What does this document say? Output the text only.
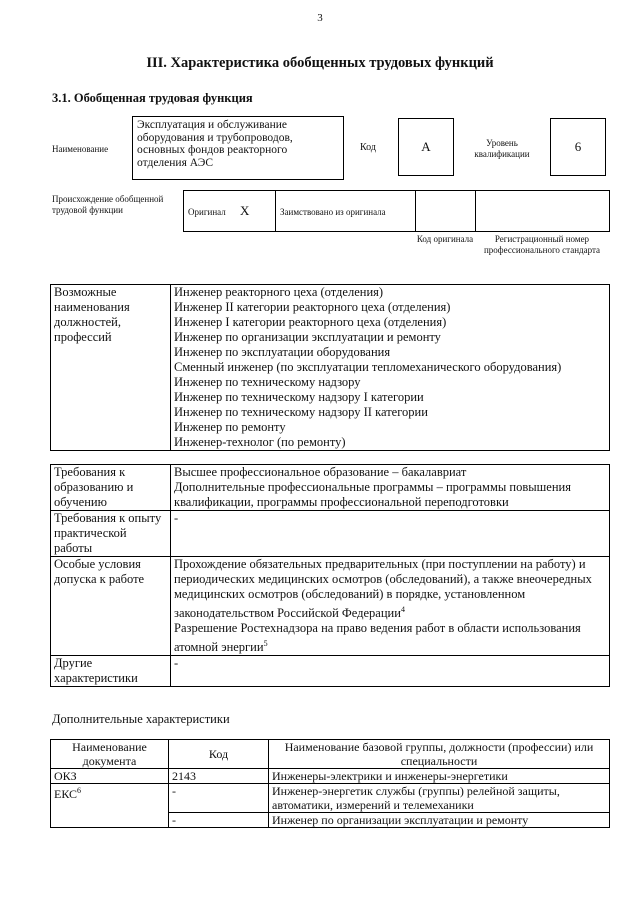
3
III. Характеристика обобщенных трудовых функций
3.1. Обобщенная трудовая функция
Наименование
Эксплуатация и обслуживание оборудования и трубопроводов, основных фондов реакторного отделения АЭС
Код	А	Уровень квалификации	6
Происхождение обобщенной трудовой функции	Оригинал X	Заимствовано из оригинала
Код оригинала	Регистрационный номер профессионального стандарта
Возможные наименования должностей, профессий	
Инженер реакторного цеха (отделения)
Инженер II категории реакторного цеха (отделения)
Инженер I категории реакторного цеха (отделения)
Инженер по организации эксплуатации и ремонту
Инженер по эксплуатации оборудования
Сменный инженер (по эксплуатации тепломеханического оборудования)
Инженер по техническому надзору
Инженер по техническому надзору I категории
Инженер по техническому надзору II категории
Инженер по ремонту
Инженер-технолог (по ремонту)
Требования к образованию и обучению	Высшее профессиональное образование – бакалавриат
Дополнительные профессиональные программы – программы повышения квалификации, программы профессиональной переподготовки

Требования к опыту практической работы	-
Особые условия допуска к работе	Прохождение обязательных предварительных (при поступлении на работу) и периодических медицинских осмотров (обследований), а также внеочередных медицинских осмотров (обследований) в порядке, установленном законодательством Российской Федерации$^4$
Разрешение Ростехнадзора на право ведения работ в области использования атомной энергии$^5$

Другие характеристики	-
Дополнительные характеристики
Наименование документа	Код	Наименование базовой группы, должности (профессии) или специальности
ОКЗ	2143	Инженеры-электрики и инженеры-энергетики
ЕКС$^6$	-	Инженер-энергетик службы (группы) релейной защиты, автоматики, измерений и телемеханики
	-	Инженер по организации эксплуатации и ремонту
